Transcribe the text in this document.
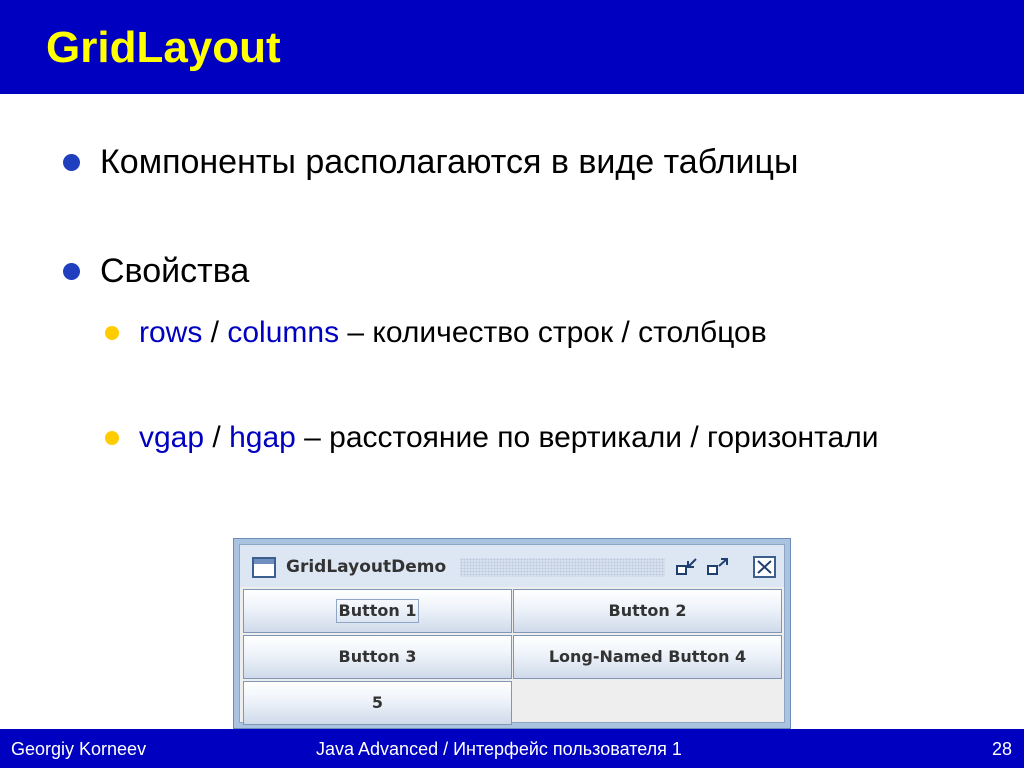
GridLayout
Компоненты располагаются в виде таблицы
Свойства
rows / columns – количество строк / столбцов
vgap / hgap – расстояние по вертикали / горизонтали
GridLayoutDemo
Button 1	Button 2
Button 3	Long-Named Button 4
5
Georgiy Korneev	Java Advanced / Интерфейс пользователя 1	28
